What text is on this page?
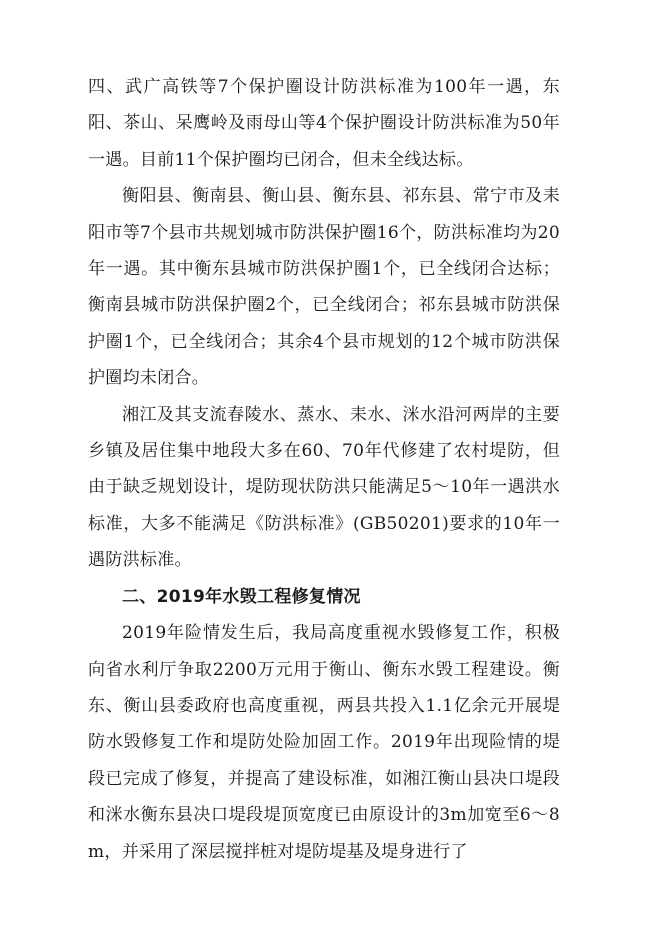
四、武广高铁等7个保护圈设计防洪标准为100年一遇，东阳、茶山、呆鹰岭及雨母山等4个保护圈设计防洪标准为50年一遇。目前11个保护圈均已闭合，但未全线达标。

衡阳县、衡南县、衡山县、衡东县、祁东县、常宁市及耒阳市等7个县市共规划城市防洪保护圈16个，防洪标准均为20年一遇。其中衡东县城市防洪保护圈1个，已全线闭合达标；衡南县城市防洪保护圈2个，已全线闭合；祁东县城市防洪保护圈1个，已全线闭合；其余4个县市规划的12个城市防洪保护圈均未闭合。

湘江及其支流春陵水、蒸水、耒水、洣水沿河两岸的主要乡镇及居住集中地段大多在60、70年代修建了农村堤防，但由于缺乏规划设计，堤防现状防洪只能满足5～10年一遇洪水标准，大多不能满足《防洪标准》(GB50201)要求的10年一遇防洪标准。

二、2019年水毁工程修复情况

2019年险情发生后，我局高度重视水毁修复工作，积极向省水利厅争取2200万元用于衡山、衡东水毁工程建设。衡东、衡山县委政府也高度重视，两县共投入1.1亿余元开展堤防水毁修复工作和堤防处险加固工作。2019年出现险情的堤段已完成了修复，并提高了建设标准，如湘江衡山县决口堤段和洣水衡东县决口堤段堤顶宽度已由原设计的3m加宽至6～8m，并采用了深层搅拌桩对堤防堤基及堤身进行了
